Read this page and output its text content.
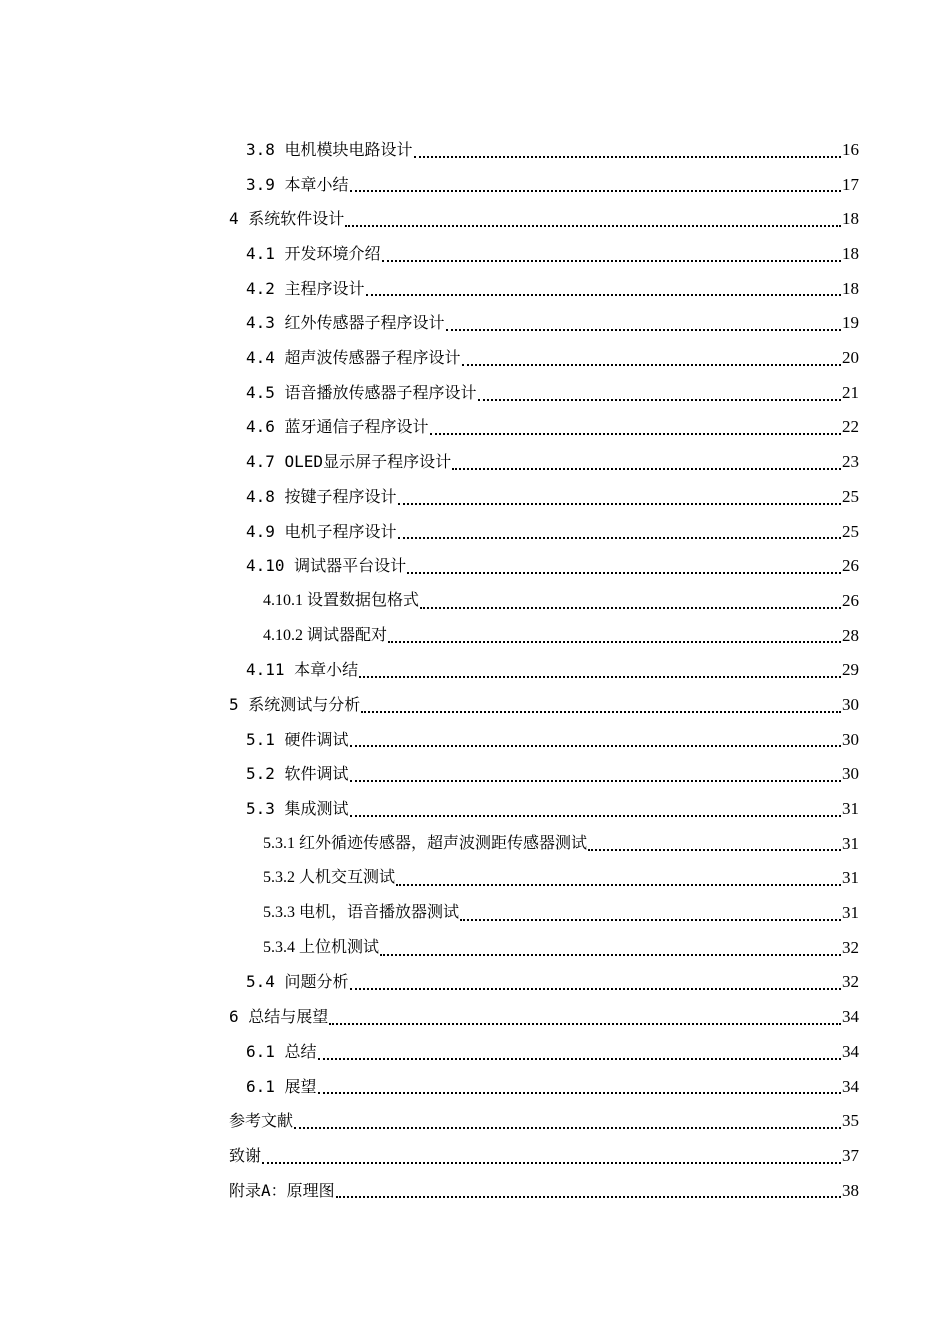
3.8 电机模块电路设计	16
3.9 本章小结	17
4 系统软件设计	18
4.1 开发环境介绍	18
4.2 主程序设计	18
4.3 红外传感器子程序设计	19
4.4 超声波传感器子程序设计	20
4.5 语音播放传感器子程序设计	21
4.6 蓝牙通信子程序设计	22
4.7 OLED显示屏子程序设计	23
4.8 按键子程序设计	25
4.9 电机子程序设计	25
4.10 调试器平台设计	26
4.10.1 设置数据包格式	26
4.10.2 调试器配对	28
4.11 本章小结	29
5 系统测试与分析	30
5.1 硬件调试	30
5.2 软件调试	30
5.3 集成测试	31
5.3.1 红外循迹传感器，超声波测距传感器测试	31
5.3.2 人机交互测试	31
5.3.3 电机，语音播放器测试	31
5.3.4 上位机测试	32
5.4 问题分析	32
6 总结与展望	34
6.1 总结	34
6.1 展望	34
参考文献	35
致谢	37
附录A：原理图	38
